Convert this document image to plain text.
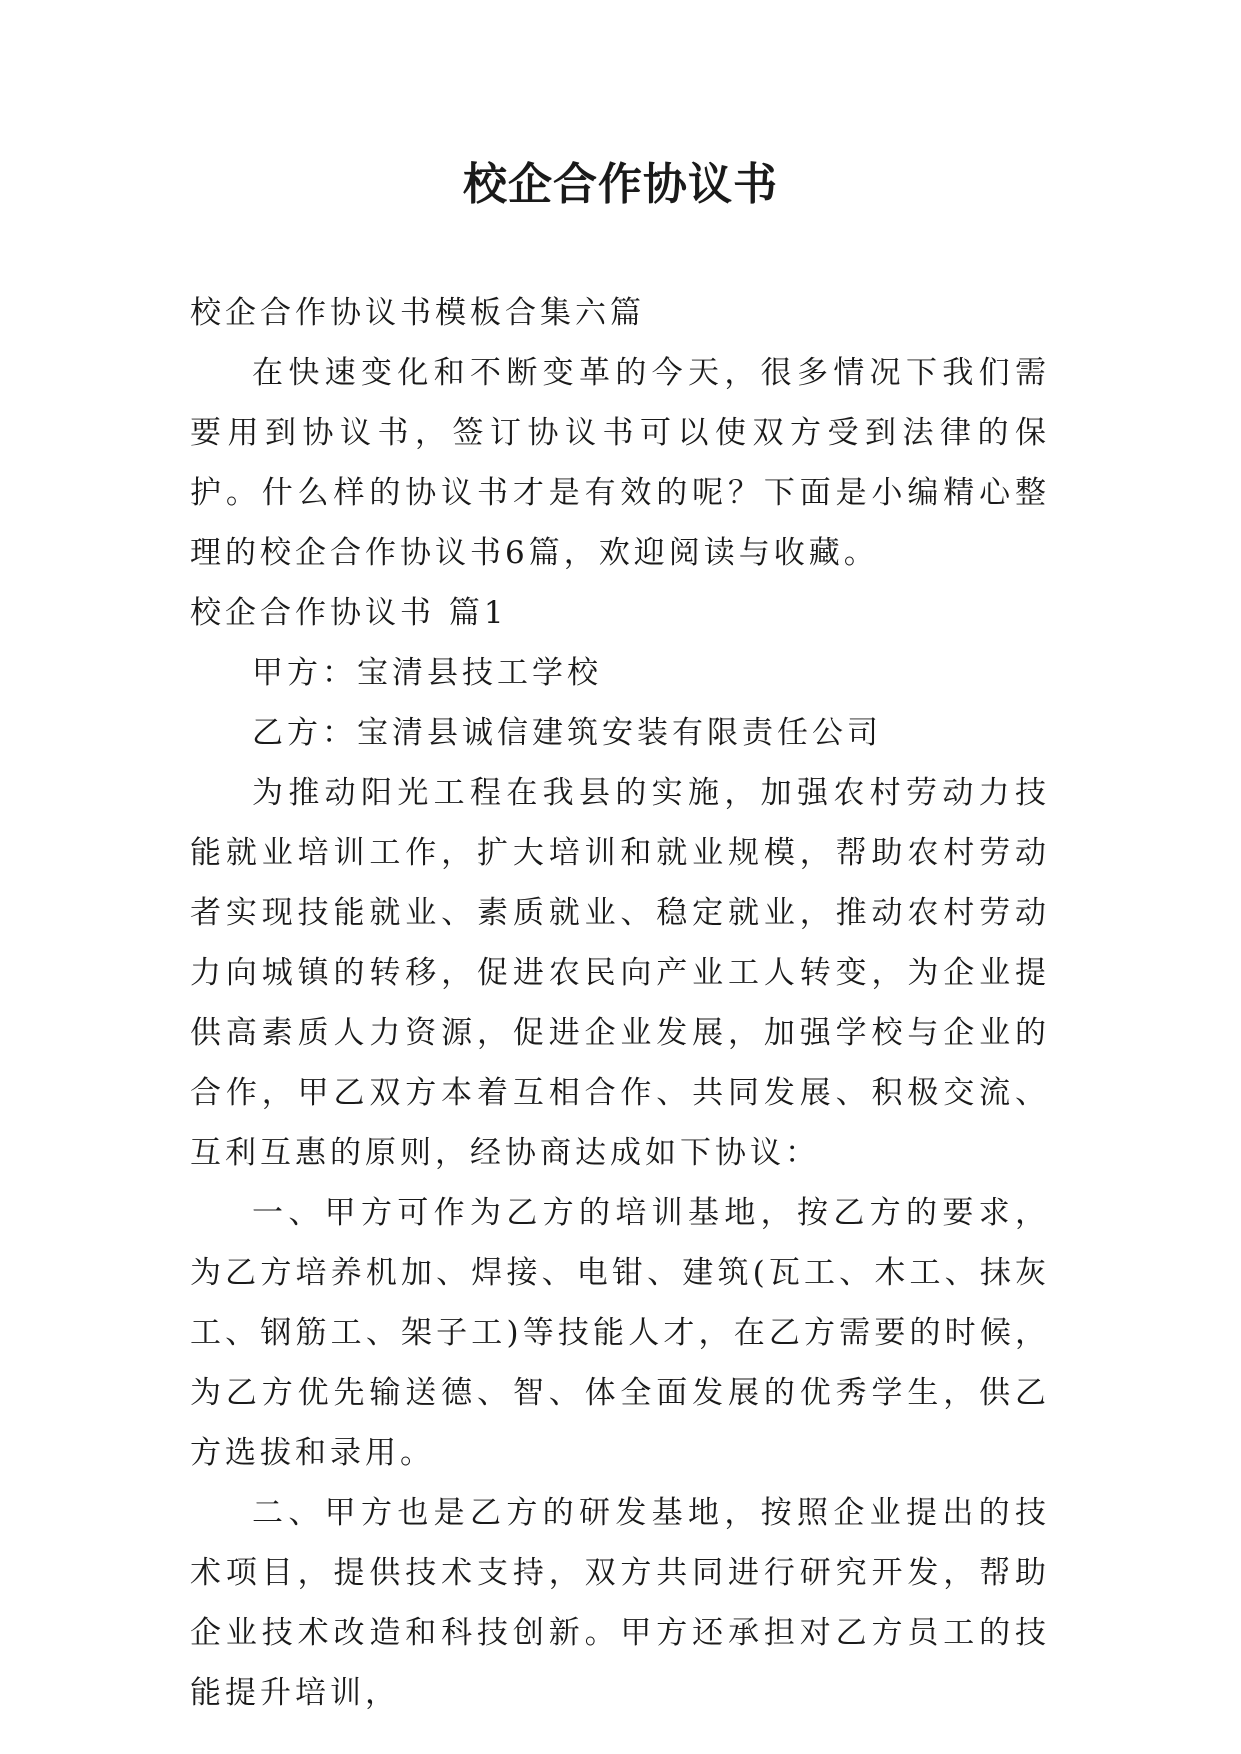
校企合作协议书

校企合作协议书模板合集六篇

在快速变化和不断变革的今天，很多情况下我们需要用到协议书，签订协议书可以使双方受到法律的保护。什么样的协议书才是有效的呢？下面是小编精心整理的校企合作协议书6篇，欢迎阅读与收藏。

校企合作协议书 篇1

甲方：宝清县技工学校

乙方：宝清县诚信建筑安装有限责任公司

为推动阳光工程在我县的实施，加强农村劳动力技能就业培训工作，扩大培训和就业规模，帮助农村劳动者实现技能就业、素质就业、稳定就业，推动农村劳动力向城镇的转移，促进农民向产业工人转变，为企业提供高素质人力资源，促进企业发展，加强学校与企业的合作，甲乙双方本着互相合作、共同发展、积极交流、互利互惠的原则，经协商达成如下协议：

一、甲方可作为乙方的培训基地，按乙方的要求，为乙方培养机加、焊接、电钳、建筑(瓦工、木工、抹灰工、钢筋工、架子工)等技能人才，在乙方需要的时候，为乙方优先输送德、智、体全面发展的优秀学生，供乙方选拔和录用。

二、甲方也是乙方的研发基地，按照企业提出的技术项目，提供技术支持，双方共同进行研究开发，帮助企业技术改造和科技创新。甲方还承担对乙方员工的技能提升培训，
